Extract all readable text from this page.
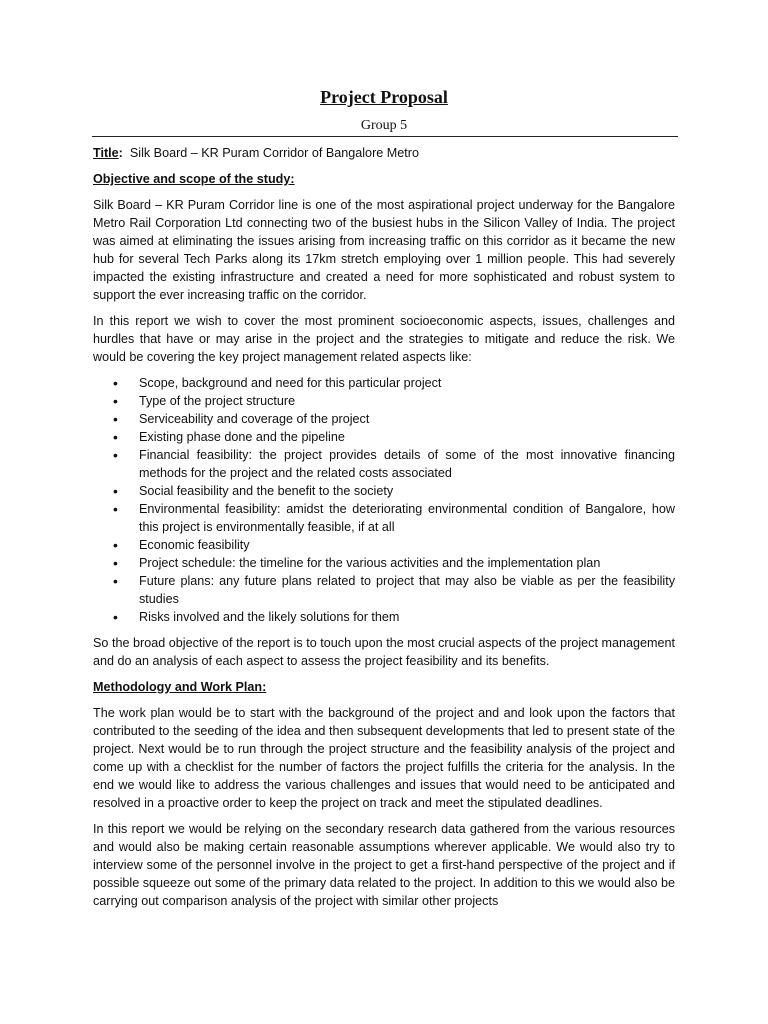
Project Proposal
Group 5
Title: Silk Board – KR Puram Corridor of Bangalore Metro
Objective and scope of the study:

Silk Board – KR Puram Corridor line is one of the most aspirational project underway for the Bangalore Metro Rail Corporation Ltd connecting two of the busiest hubs in the Silicon Valley of India. The project was aimed at eliminating the issues arising from increasing traffic on this corridor as it became the new hub for several Tech Parks along its 17km stretch employing over 1 million people. This had severely impacted the existing infrastructure and created a need for more sophisticated and robust system to support the ever increasing traffic on the corridor.

In this report we wish to cover the most prominent socioeconomic aspects, issues, challenges and hurdles that have or may arise in the project and the strategies to mitigate and reduce the risk. We would be covering the key project management related aspects like:

• Scope, background and need for this particular project
• Type of the project structure
• Serviceability and coverage of the project
• Existing phase done and the pipeline
• Financial feasibility: the project provides details of some of the most innovative financing methods for the project and the related costs associated
• Social feasibility and the benefit to the society
• Environmental feasibility: amidst the deteriorating environmental condition of Bangalore, how this project is environmentally feasible, if at all
• Economic feasibility
• Project schedule: the timeline for the various activities and the implementation plan
• Future plans: any future plans related to project that may also be viable as per the feasibility studies
• Risks involved and the likely solutions for them

So the broad objective of the report is to touch upon the most crucial aspects of the project management and do an analysis of each aspect to assess the project feasibility and its benefits.

Methodology and Work Plan:

The work plan would be to start with the background of the project and and look upon the factors that contributed to the seeding of the idea and then subsequent developments that led to present state of the project. Next would be to run through the project structure and the feasibility analysis of the project and come up with a checklist for the number of factors the project fulfills the criteria for the analysis. In the end we would like to address the various challenges and issues that would need to be anticipated and resolved in a proactive order to keep the project on track and meet the stipulated deadlines.

In this report we would be relying on the secondary research data gathered from the various resources and would also be making certain reasonable assumptions wherever applicable. We would also try to interview some of the personnel involve in the project to get a first-hand perspective of the project and if possible squeeze out some of the primary data related to the project. In addition to this we would also be carrying out comparison analysis of the project with similar other projects
